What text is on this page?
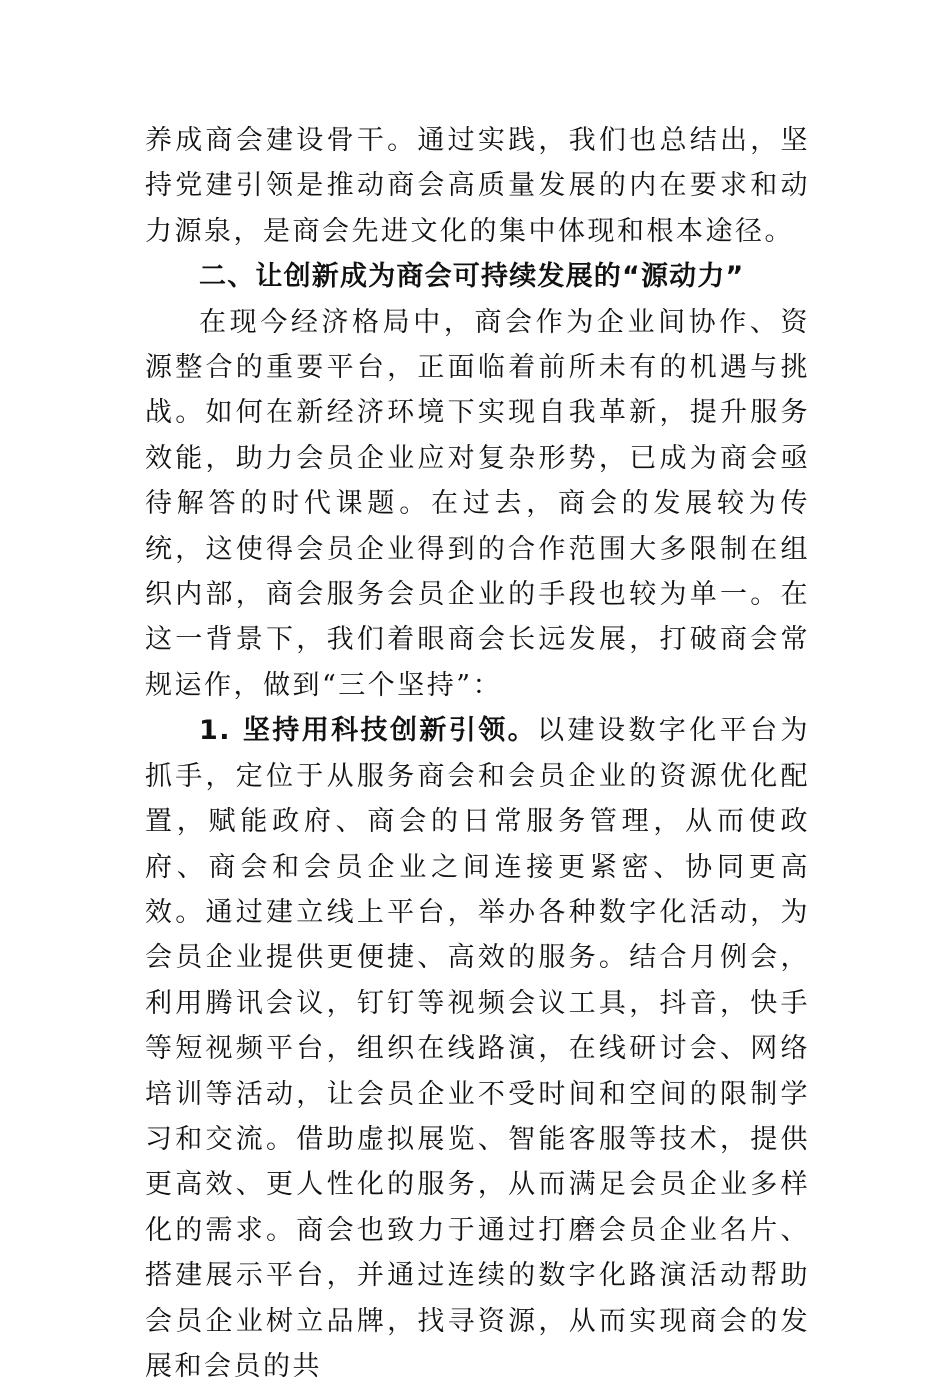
养成商会建设骨干。通过实践，我们也总结出，坚持党建引领是推动商会高质量发展的内在要求和动力源泉，是商会先进文化的集中体现和根本途径。

二、让创新成为商会可持续发展的“源动力”

在现今经济格局中，商会作为企业间协作、资源整合的重要平台，正面临着前所未有的机遇与挑战。如何在新经济环境下实现自我革新，提升服务效能，助力会员企业应对复杂形势，已成为商会亟待解答的时代课题。在过去，商会的发展较为传统，这使得会员企业得到的合作范围大多限制在组织内部，商会服务会员企业的手段也较为单一。在这一背景下，我们着眼商会长远发展，打破商会常规运作，做到“三个坚持”：

1. 坚持用科技创新引领。以建设数字化平台为抓手，定位于从服务商会和会员企业的资源优化配置，赋能政府、商会的日常服务管理，从而使政府、商会和会员企业之间连接更紧密、协同更高效。通过建立线上平台，举办各种数字化活动，为会员企业提供更便捷、高效的服务。结合月例会，利用腾讯会议，钉钉等视频会议工具，抖音，快手等短视频平台，组织在线路演，在线研讨会、网络培训等活动，让会员企业不受时间和空间的限制学习和交流。借助虚拟展览、智能客服等技术，提供更高效、更人性化的服务，从而满足会员企业多样化的需求。商会也致力于通过打磨会员企业名片、搭建展示平台，并通过连续的数字化路演活动帮助会员企业树立品牌，找寻资源，从而实现商会的发展和会员的共
